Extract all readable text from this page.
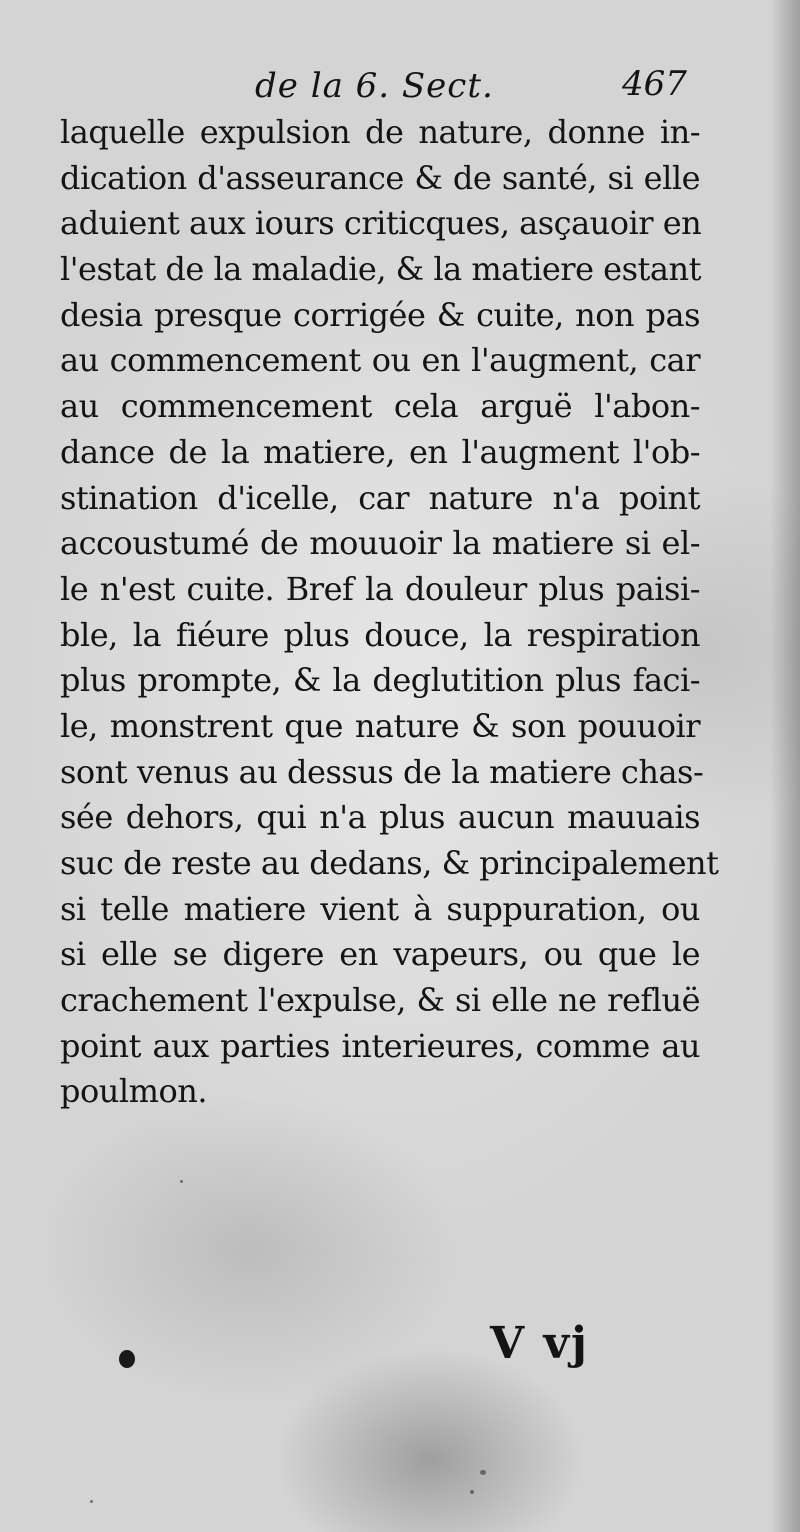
de la 6. Sect.	467
laquelle expulsion de nature, donne in-
dication d'asseurance & de santé, si elle
aduient aux iours criticques, asçauoir en
l'estat de la maladie, & la matiere estant
desia presque corrigée & cuite, non pas
au commencement ou en l'augment, car
au commencement cela arguë l'abon-
dance de la matiere, en l'augment l'ob-
stination d'icelle, car nature n'a point
accoustumé de mouuoir la matiere si el-
le n'est cuite. Bref la douleur plus paisi-
ble, la fiéure plus douce, la respiration
plus prompte, & la deglutition plus faci-
le, monstrent que nature & son pouuoir
sont venus au dessus de la matiere chas-
sée dehors, qui n'a plus aucun mauuais
suc de reste au dedans, & principalement
si telle matiere vient à suppuration, ou
si elle se digere en vapeurs, ou que le
crachement l'expulse, & si elle ne refluë
point aux parties interieures, comme au
poulmon.
V vj
